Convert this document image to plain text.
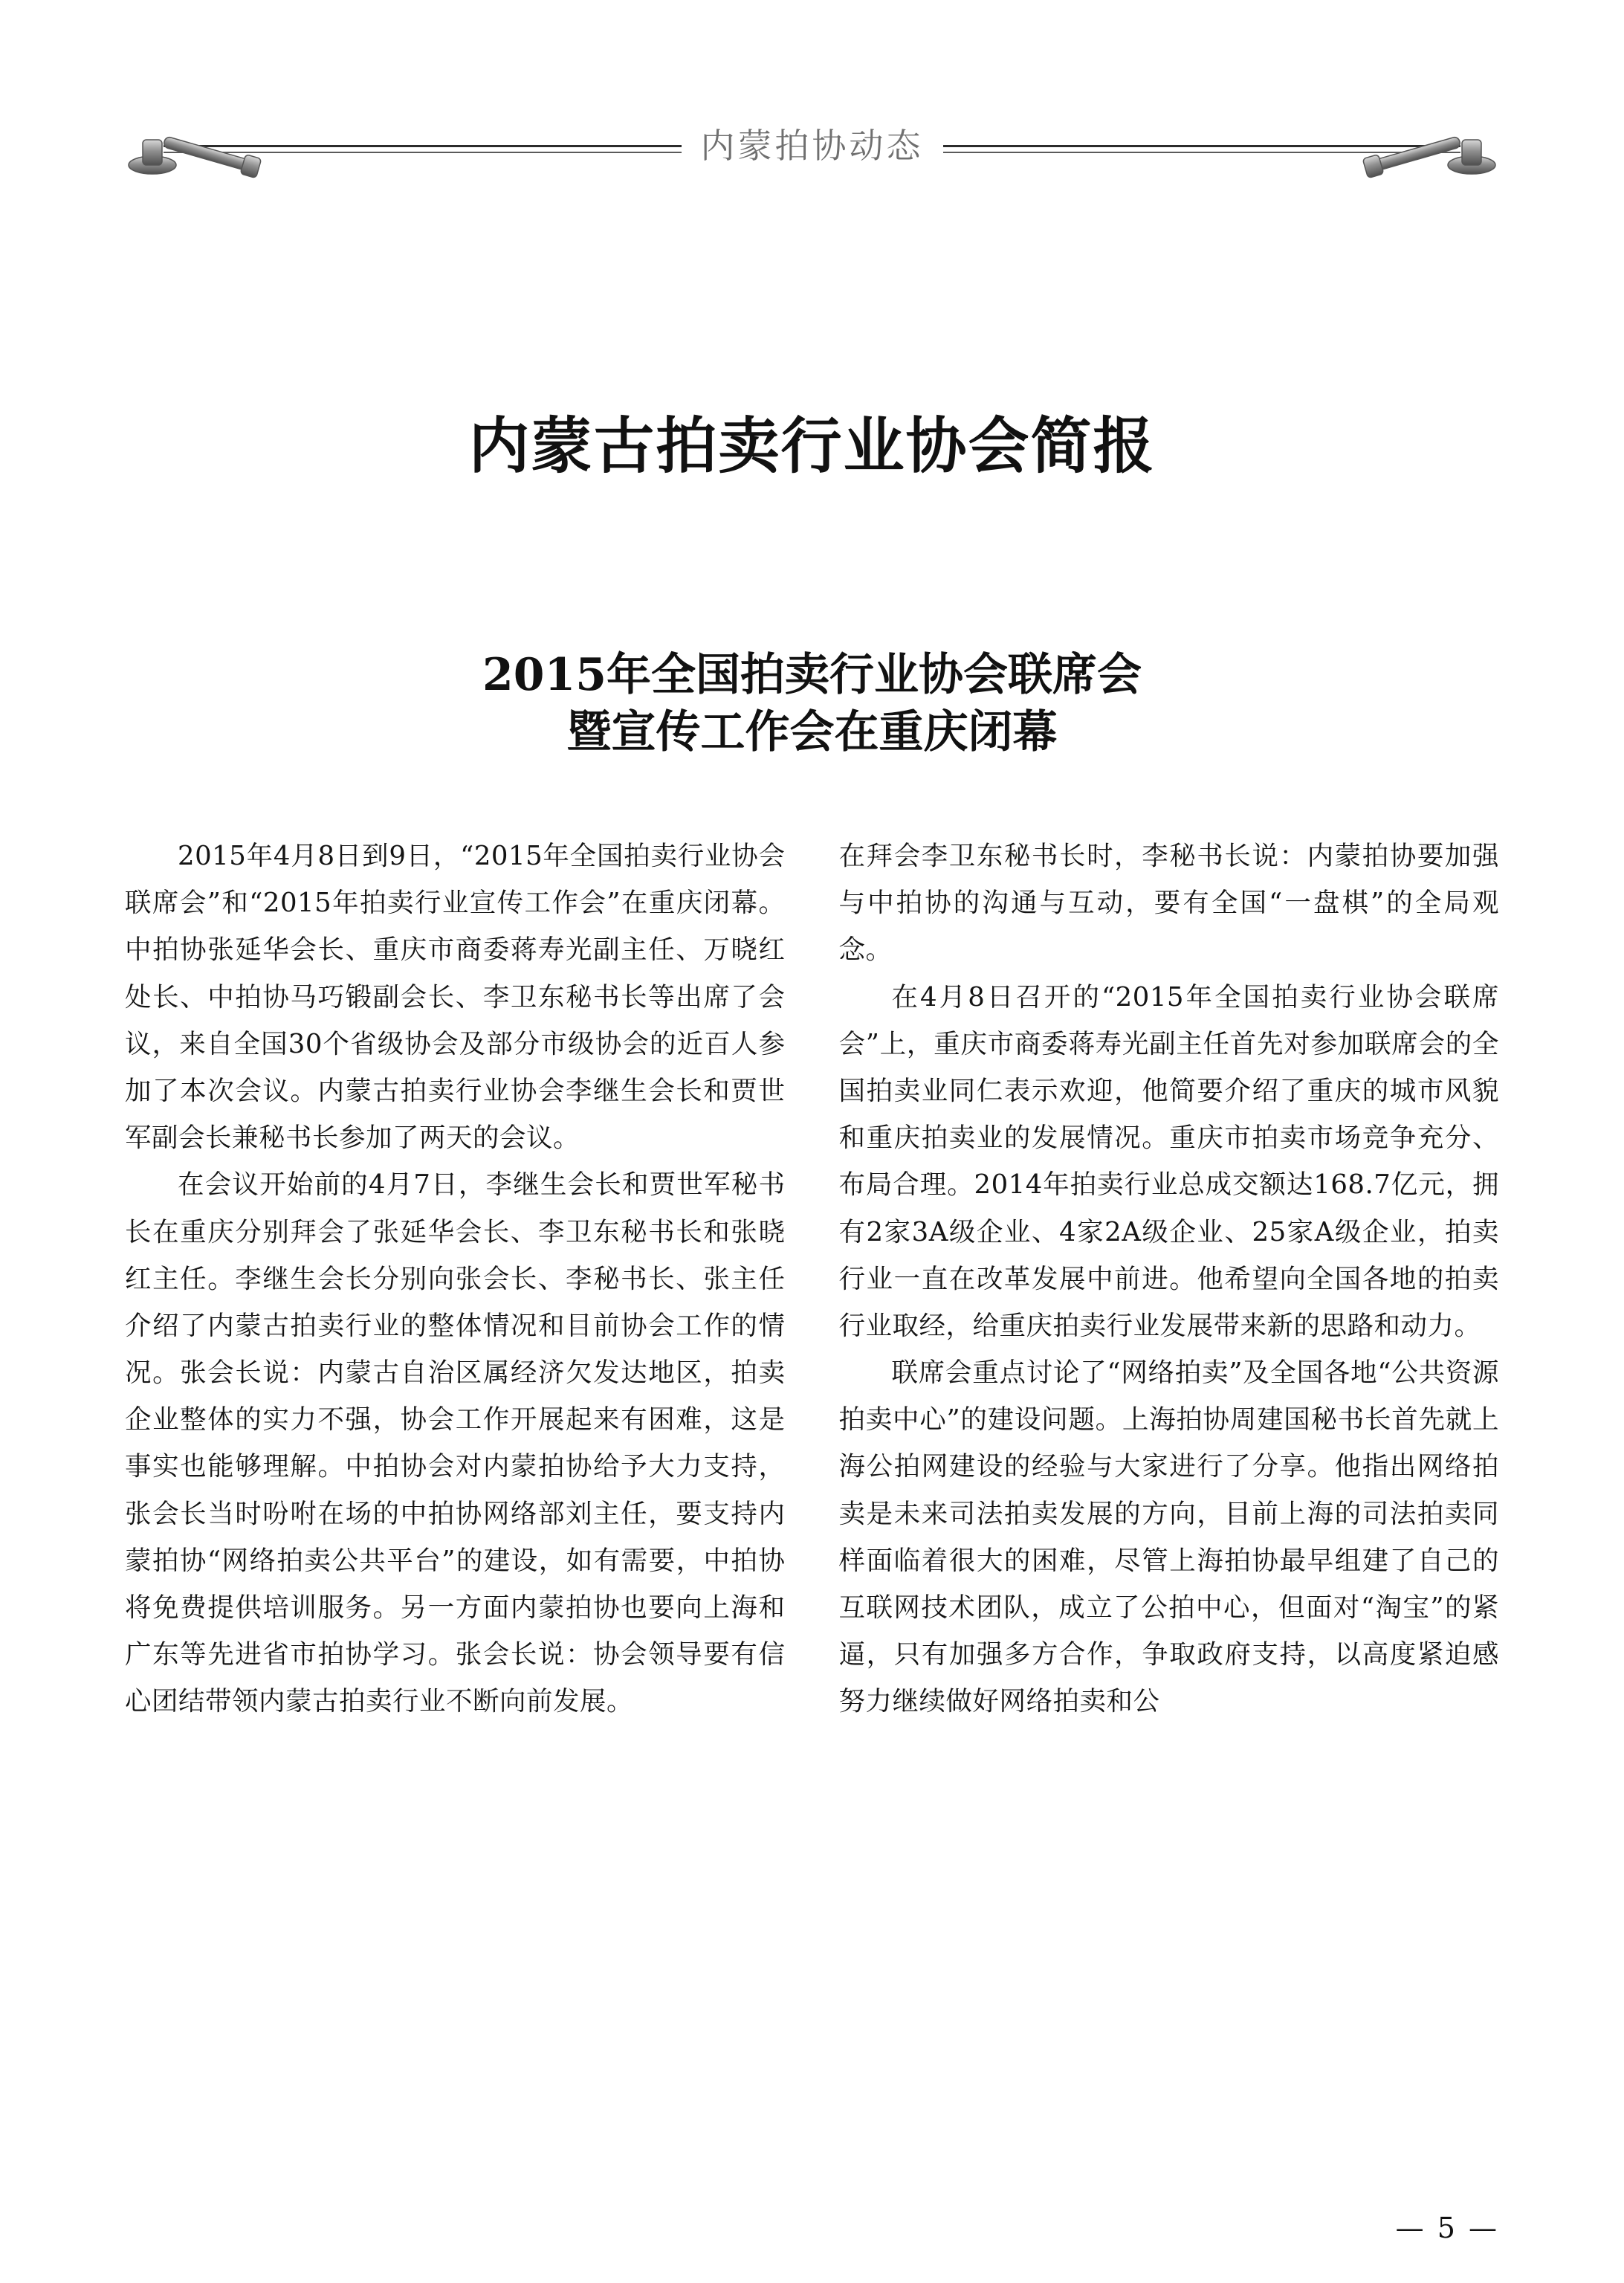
内蒙拍协动态
内蒙古拍卖行业协会简报
2015年全国拍卖行业协会联席会
暨宣传工作会在重庆闭幕

2015年4月8日到9日，“2015年全国拍卖行业协会联席会”和“2015年拍卖行业宣传工作会”在重庆闭幕。中拍协张延华会长、重庆市商委蒋寿光副主任、万晓红处长、中拍协马巧锻副会长、李卫东秘书长等出席了会议，来自全国30个省级协会及部分市级协会的近百人参加了本次会议。内蒙古拍卖行业协会李继生会长和贾世军副会长兼秘书长参加了两天的会议。

在会议开始前的4月7日，李继生会长和贾世军秘书长在重庆分别拜会了张延华会长、李卫东秘书长和张晓红主任。李继生会长分别向张会长、李秘书长、张主任介绍了内蒙古拍卖行业的整体情况和目前协会工作的情况。张会长说：内蒙古自治区属经济欠发达地区，拍卖企业整体的实力不强，协会工作开展起来有困难，这是事实也能够理解。中拍协会对内蒙拍协给予大力支持，张会长当时吩咐在场的中拍协网络部刘主任，要支持内蒙拍协“网络拍卖公共平台”的建设，如有需要，中拍协将免费提供培训服务。另一方面内蒙拍协也要向上海和广东等先进省市拍协学习。张会长说：协会领导要有信心团结带领内蒙古拍卖行业不断向前发展。

在拜会李卫东秘书长时，李秘书长说：内蒙拍协要加强与中拍协的沟通与互动，要有全国“一盘棋”的全局观念。

在4月8日召开的“2015年全国拍卖行业协会联席会”上，重庆市商委蒋寿光副主任首先对参加联席会的全国拍卖业同仁表示欢迎，他简要介绍了重庆的城市风貌和重庆拍卖业的发展情况。重庆市拍卖市场竞争充分、布局合理。2014年拍卖行业总成交额达168.7亿元，拥有2家3A级企业、4家2A级企业、25家A级企业，拍卖行业一直在改革发展中前进。他希望向全国各地的拍卖行业取经，给重庆拍卖行业发展带来新的思路和动力。

联席会重点讨论了“网络拍卖”及全国各地“公共资源拍卖中心”的建设问题。上海拍协周建国秘书长首先就上海公拍网建设的经验与大家进行了分享。他指出网络拍卖是未来司法拍卖发展的方向，目前上海的司法拍卖同样面临着很大的困难，尽管上海拍协最早组建了自己的互联网技术团队，成立了公拍中心，但面对“淘宝”的紧逼，只有加强多方合作，争取政府支持，以高度紧迫感努力继续做好网络拍卖和公

— 5 —
